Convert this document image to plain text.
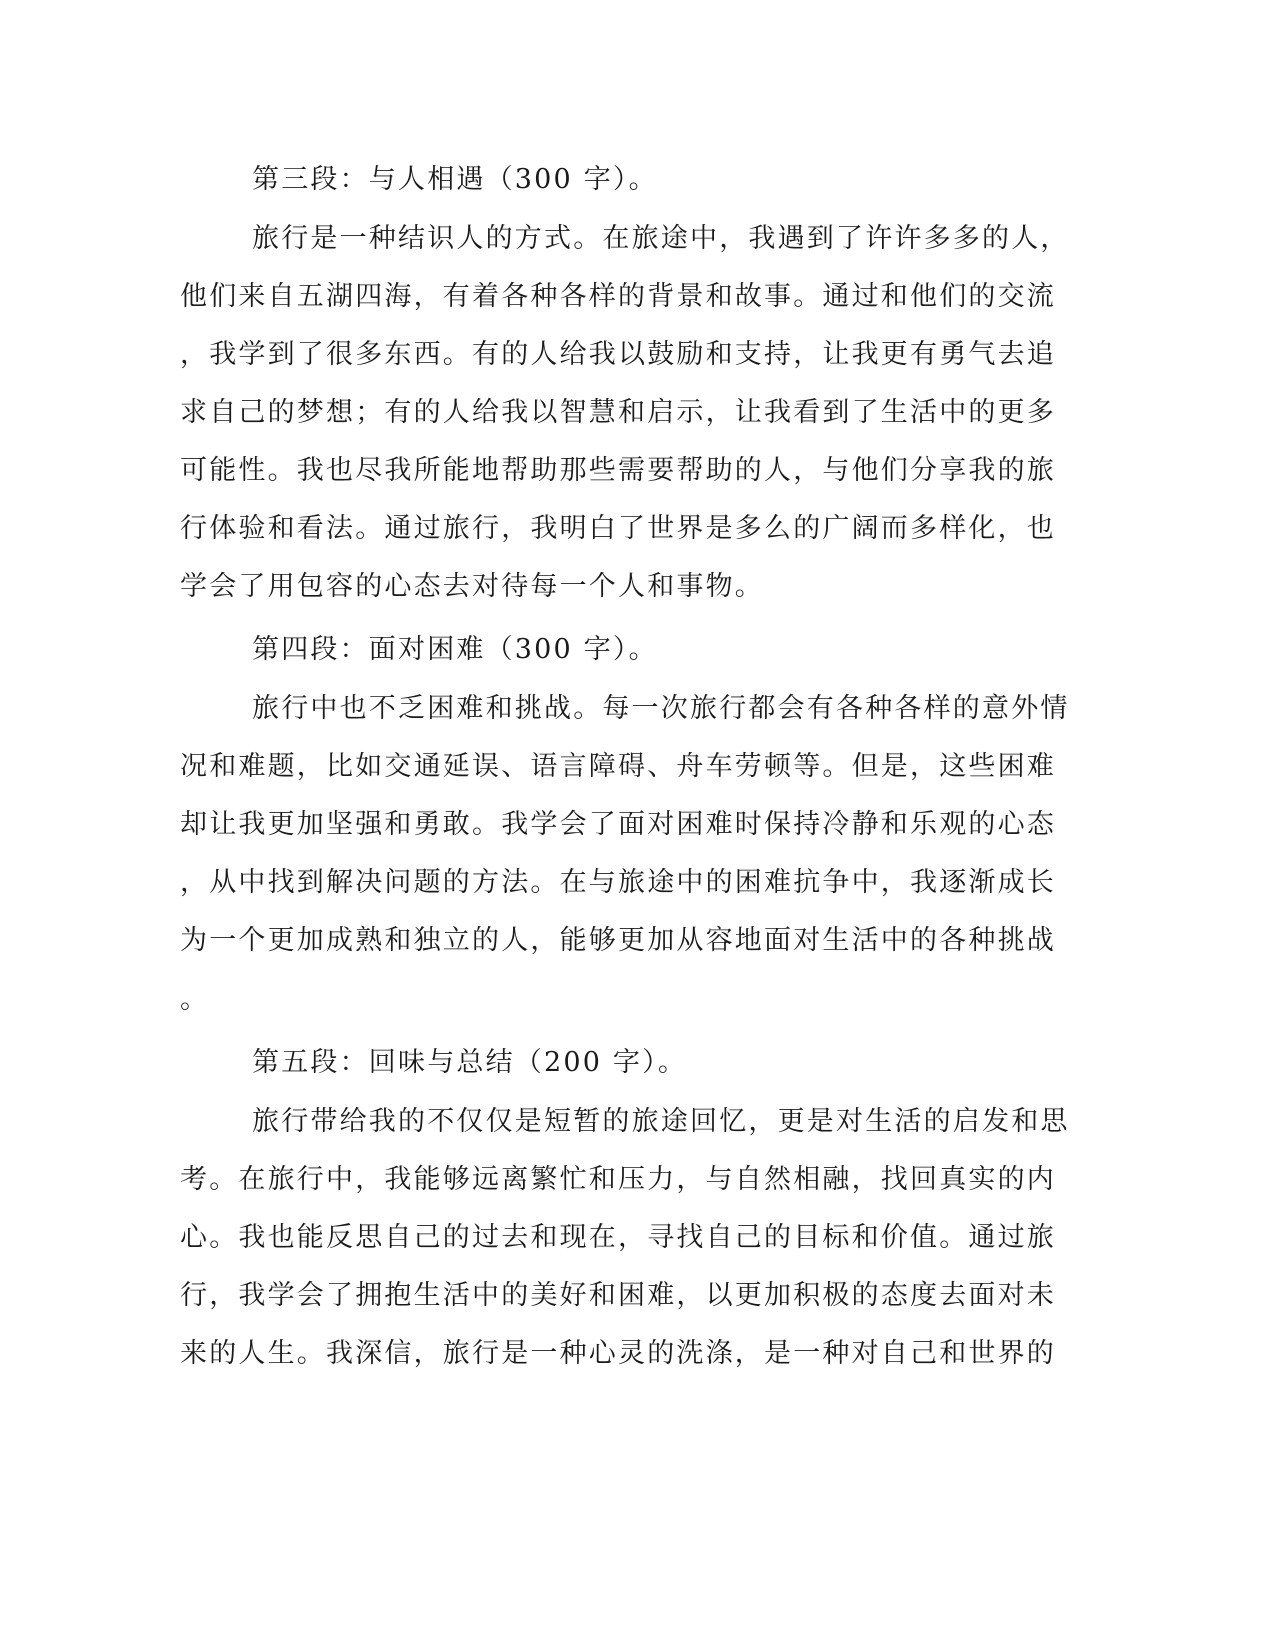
第三段：与人相遇（300 字）。
旅行是一种结识人的方式。在旅途中，我遇到了许许多多的人，
他们来自五湖四海，有着各种各样的背景和故事。通过和他们的交流
，我学到了很多东西。有的人给我以鼓励和支持，让我更有勇气去追
求自己的梦想；有的人给我以智慧和启示，让我看到了生活中的更多
可能性。我也尽我所能地帮助那些需要帮助的人，与他们分享我的旅
行体验和看法。通过旅行，我明白了世界是多么的广阔而多样化，也
学会了用包容的心态去对待每一个人和事物。
第四段：面对困难（300 字）。
旅行中也不乏困难和挑战。每一次旅行都会有各种各样的意外情
况和难题，比如交通延误、语言障碍、舟车劳顿等。但是，这些困难
却让我更加坚强和勇敢。我学会了面对困难时保持冷静和乐观的心态
，从中找到解决问题的方法。在与旅途中的困难抗争中，我逐渐成长
为一个更加成熟和独立的人，能够更加从容地面对生活中的各种挑战
。
第五段：回味与总结（200 字）。
旅行带给我的不仅仅是短暂的旅途回忆，更是对生活的启发和思
考。在旅行中，我能够远离繁忙和压力，与自然相融，找回真实的内
心。我也能反思自己的过去和现在，寻找自己的目标和价值。通过旅
行，我学会了拥抱生活中的美好和困难，以更加积极的态度去面对未
来的人生。我深信，旅行是一种心灵的洗涤，是一种对自己和世界的
